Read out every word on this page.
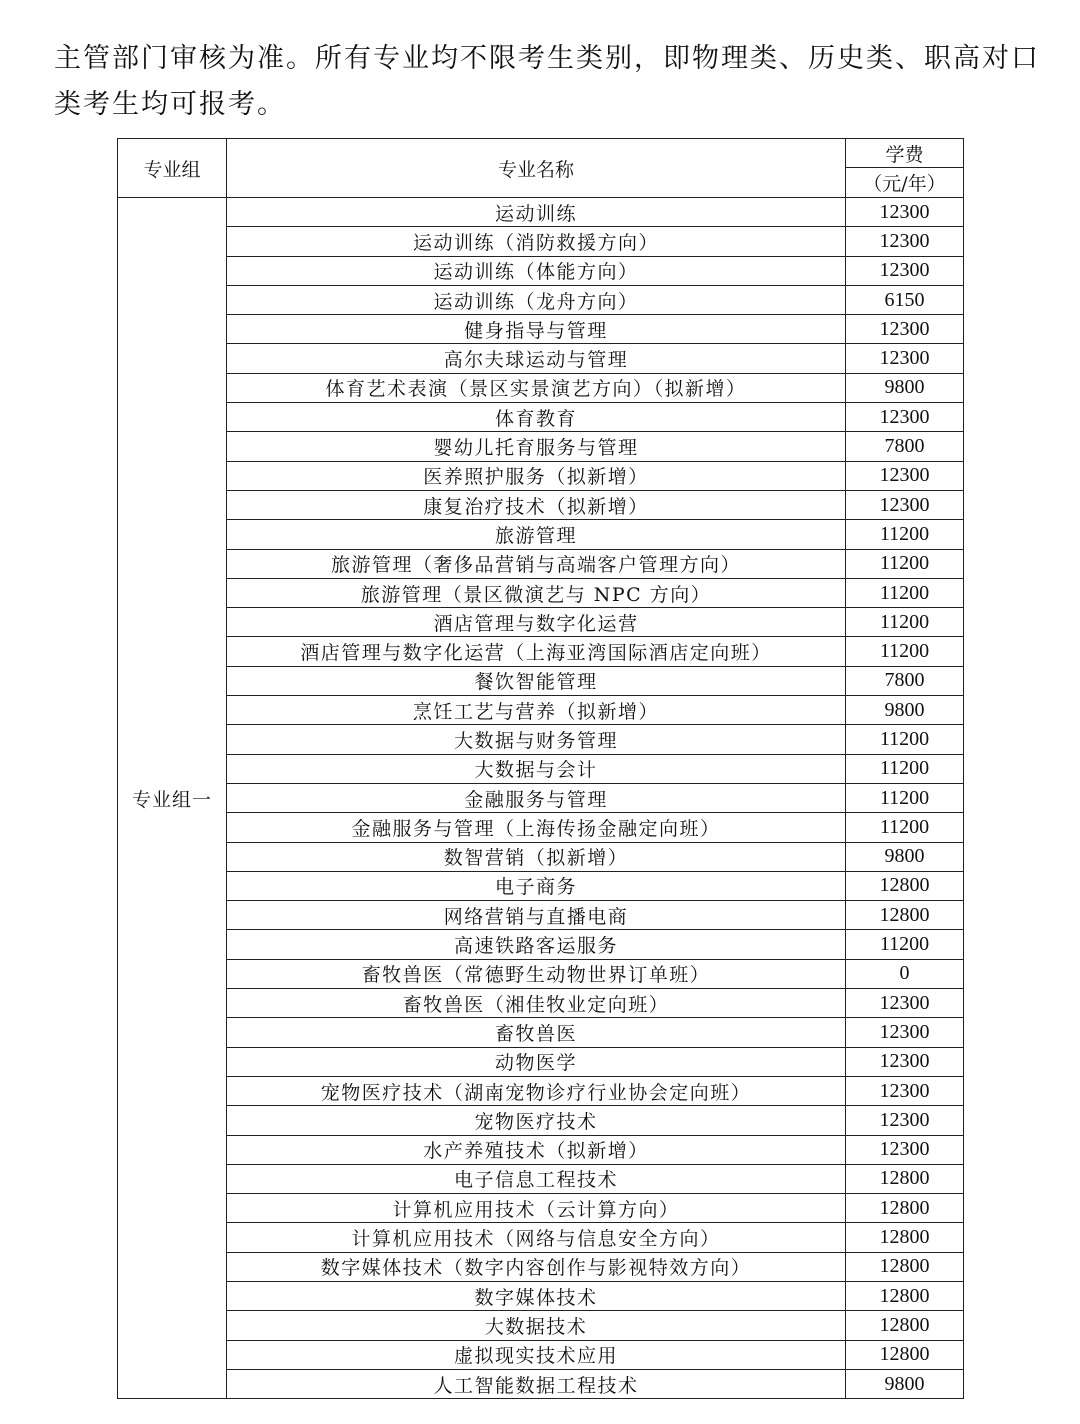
主管部门审核为准。所有专业均不限考生类别，即物理类、历史类、职高对口

类考生均可报考。

专业组	专业名称	学费
		（元/年）
专业组一	运动训练	12300
	运动训练（消防救援方向）	12300
	运动训练（体能方向）	12300
	运动训练（龙舟方向）	6150
	健身指导与管理	12300
	高尔夫球运动与管理	12300
	体育艺术表演（景区实景演艺方向）（拟新增）	9800
	体育教育	12300
	婴幼儿托育服务与管理	7800
	医养照护服务（拟新增）	12300
	康复治疗技术（拟新增）	12300
	旅游管理	11200
	旅游管理（奢侈品营销与高端客户管理方向）	11200
	旅游管理（景区微演艺与 NPC 方向）	11200
	酒店管理与数字化运营	11200
	酒店管理与数字化运营（上海亚湾国际酒店定向班）	11200
	餐饮智能管理	7800
	烹饪工艺与营养（拟新增）	9800
	大数据与财务管理	11200
	大数据与会计	11200
	金融服务与管理	11200
	金融服务与管理（上海传扬金融定向班）	11200
	数智营销（拟新增）	9800
	电子商务	12800
	网络营销与直播电商	12800
	高速铁路客运服务	11200
	畜牧兽医（常德野生动物世界订单班）	0
	畜牧兽医（湘佳牧业定向班）	12300
	畜牧兽医	12300
	动物医学	12300
	宠物医疗技术（湖南宠物诊疗行业协会定向班）	12300
	宠物医疗技术	12300
	水产养殖技术（拟新增）	12300
	电子信息工程技术	12800
	计算机应用技术（云计算方向）	12800
	计算机应用技术（网络与信息安全方向）	12800
	数字媒体技术（数字内容创作与影视特效方向）	12800
	数字媒体技术	12800
	大数据技术	12800
	虚拟现实技术应用	12800
	人工智能数据工程技术	9800
